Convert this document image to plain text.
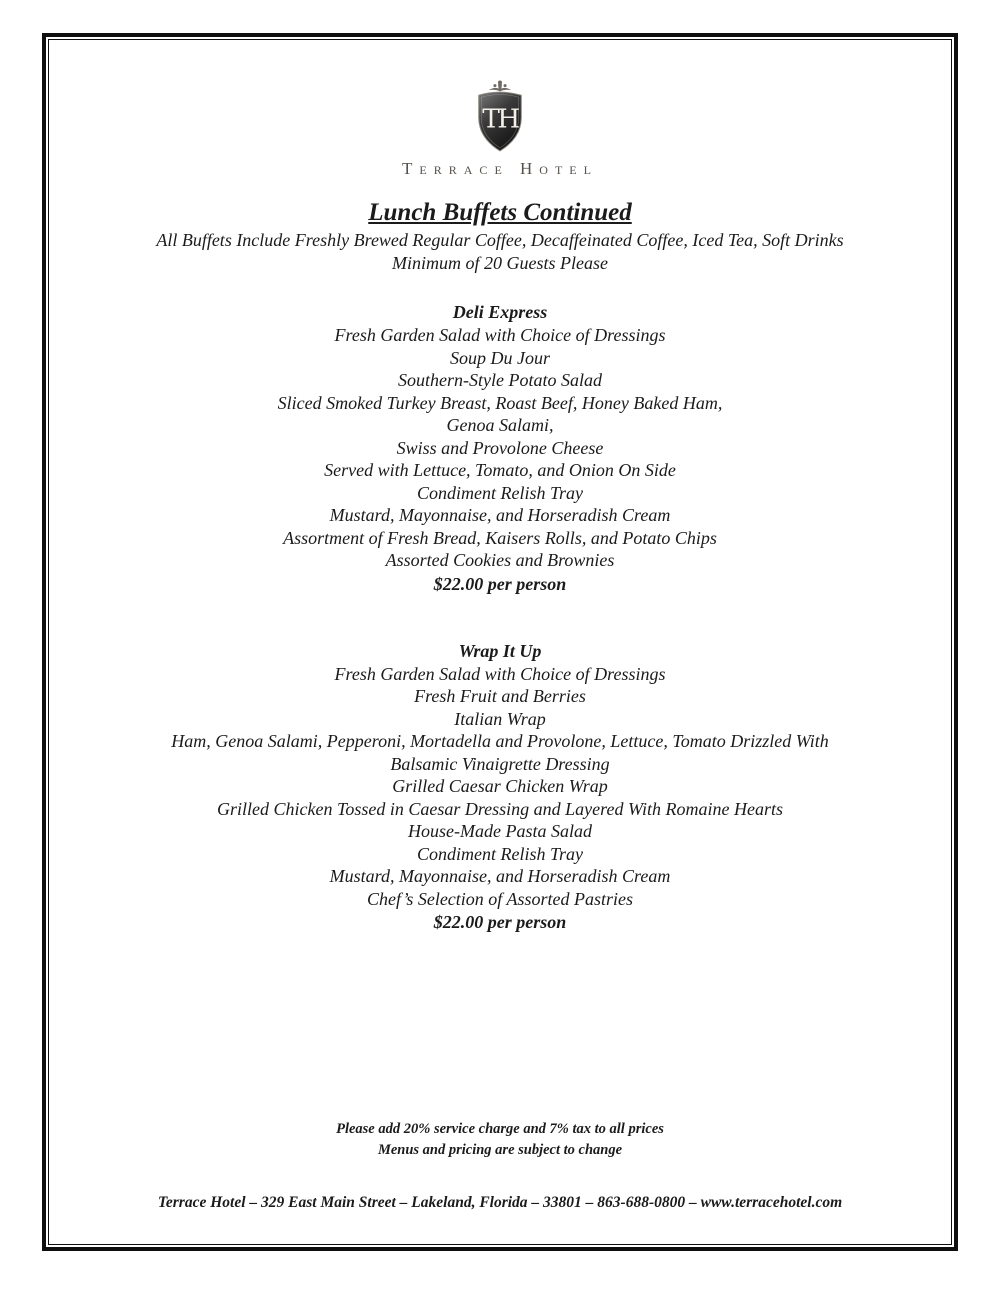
TH
Terrace Hotel
Lunch Buffets Continued
All Buffets Include Freshly Brewed Regular Coffee, Decaffeinated Coffee, Iced Tea, Soft Drinks
Minimum of 20 Guests Please
Deli Express
Fresh Garden Salad with Choice of Dressings
Soup Du Jour
Southern-Style Potato Salad
Sliced Smoked Turkey Breast, Roast Beef, Honey Baked Ham,
Genoa Salami,
Swiss and Provolone Cheese
Served with Lettuce, Tomato, and Onion On Side
Condiment Relish Tray
Mustard, Mayonnaise, and Horseradish Cream
Assortment of Fresh Bread, Kaisers Rolls, and Potato Chips
Assorted Cookies and Brownies
$22.00 per person
Wrap It Up
Fresh Garden Salad with Choice of Dressings
Fresh Fruit and Berries
Italian Wrap
Ham, Genoa Salami, Pepperoni, Mortadella and Provolone, Lettuce, Tomato Drizzled With
Balsamic Vinaigrette Dressing
Grilled Caesar Chicken Wrap
Grilled Chicken Tossed in Caesar Dressing and Layered With Romaine Hearts
House-Made Pasta Salad
Condiment Relish Tray
Mustard, Mayonnaise, and Horseradish Cream
Chef’s Selection of Assorted Pastries
$22.00 per person
Please add 20% service charge and 7% tax to all prices
Menus and pricing are subject to change
Terrace Hotel – 329 East Main Street – Lakeland, Florida – 33801 – 863-688-0800 – www.terracehotel.com
